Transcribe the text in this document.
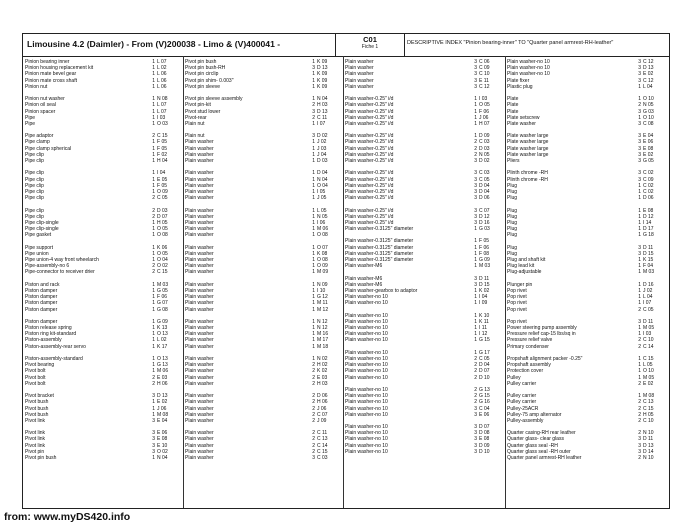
Limousine 4.2 (Daimler) - From (V)200038 - Limo & (V)400041 -	C01
Fiche 1
DESCRIPTIVE INDEX "Pinion bearing-inner" TO "Quarter panel armrest-RH-leather"
Pinion bearing inner	1 L 07
Pinion housing replacement kit	1 L 02
Pinion mate bevel gear	1 L 06
Pinion mate cross shaft	1 L 06
Pinion nut	1 L 06
Pinion nut washer	1 N 08
Pinion oil seal	1 L 07
Pinion spacer	1 L 07
Pipe	1 I 03
Pipe	1 O 03
Pipe adaptor	2 C 15
Pipe clamp	1 F 05
Pipe clamp spherical	1 F 05
Pipe clip	1 F 02
Pipe clip	1 H 04
Pipe clip	1 I 04
Pipe clip	1 E 05
Pipe clip	1 F 05
Pipe clip	1 O 09
Pipe clip	2 C 05
Pipe clip	2 D 03
Pipe clip	2 D 07
Pipe clip-single	1 H 05
Pipe clip-single	1 O 05
Pipe gasket	1 O 08
Pipe support	1 K 06
Pipe union	1 O 05
Pipe union-4 way front wheelarch	1 O 04
Pipe-assembly-no 6	2 O 02
Pipe-connector to receiver drier	2 C 15
Piston and rack	1 M 03
Piston damper	1 G 05
Piston damper	1 F 06
Piston damper	1 G 07
Piston damper	1 G 08
Piston damper	1 G 09
Piston release spring	1 K 13
Piston ring kit-standard	1 O 13
Piston-assembly	1 L 02
Piston-assembly-rear servo	1 K 17
Piston-assembly-standard	1 O 13
Pivot bearing	1 G 13
Pivot bolt	1 M 06
Pivot bolt	2 E 03
Pivot bolt	2 H 06
Pivot bracket	3 D 13
Pivot bush	1 E 02
Pivot bush	1 J 06
Pivot bush	1 M 08
Pivot link	3 E 04
Pivot link	3 E 06
Pivot link	3 E 08
Pivot link	3 E 10
Pivot pin	3 O 02
Pivot pin bush	1 N 04
Pivot pin bush	1 K 09
Pivot pin bush-RH	3 D 13
Pivot pin circlip	1 K 09
Pivot pin shim- 0.003"	1 K 09
Pivot pin sleeve	1 K 09
Pivot pin sleeve assembly	1 N 04
Pivot pin-kit	2 H 03
Pivot stud lower	3 D 13
Pivot-rear	2 C 11
Plain nut	1 I 07
Plain nut	3 D 02
Plain washer	1 J 02
Plain washer	1 J 03
Plain washer	1 J 04
Plain washer	1 D 03
Plain washer	1 D 04
Plain washer	1 N 04
Plain washer	1 O 04
Plain washer	1 I 05
Plain washer	1 J 05
Plain washer	1 L 05
Plain washer	1 N 05
Plain washer	1 I 06
Plain washer	1 M 06
Plain washer	1 O 08
Plain washer	1 O 07
Plain washer	1 K 08
Plain washer	1 O 08
Plain washer	1 O 09
Plain washer	1 M 09
Plain washer	1 N 09
Plain washer	1 I 10
Plain washer	1 G 12
Plain washer	1 M 11
Plain washer	1 M 12
Plain washer	1 N 12
Plain washer	1 N 12
Plain washer	1 M 16
Plain washer	1 M 17
Plain washer	1 M 18
Plain washer	1 N 02
Plain washer	2 H 02
Plain washer	2 K 02
Plain washer	2 E 03
Plain washer	2 H 03
Plain washer	2 D 06
Plain washer	2 H 06
Plain washer	2 J 06
Plain washer	2 C 07
Plain washer	2 J 09
Plain washer	2 C 11
Plain washer	2 C 13
Plain washer	2 C 14
Plain washer	2 C 15
Plain washer	3 C 03
Plain washer	3 C 06
Plain washer	3 C 09
Plain washer	3 C 10
Plain washer	3 E 11
Plain washer	3 C 12
Plain washer-0.25" i/d	1 I 03
Plain washer-0.25" i/d	1 O 05
Plain washer-0.25" i/d	1 F 06
Plain washer-0.25" i/d	1 J 06
Plain washer-0.25" i/d	1 H 07
Plain washer-0.25" i/d	1 D 09
Plain washer-0.25" i/d	2 C 03
Plain washer-0.25" i/d	2 D 03
Plain washer-0.25" i/d	2 N 05
Plain washer-0.25" i/d	3 D 02
Plain washer-0.25" i/d	3 C 03
Plain washer-0.25" i/d	3 C 05
Plain washer-0.25" i/d	3 D 04
Plain washer-0.25" i/d	3 D 04
Plain washer-0.25" i/d	3 D 06
Plain washer-0.25" i/d	3 C 07
Plain washer-0.25" i/d	3 D 12
Plain washer-0.25" i/d	3 D 16
Plain washer-0.3125" diameter	1 G 03
Plain washer-0.3125" diameter	1 F 05
Plain washer-0.3125" diameter	1 F 06
Plain washer-0.3125" diameter	1 F 08
Plain washer-0.3125" diameter	1 G 09
Plain washer-M6	1 M 03
Plain washer-M6	3 D 11
Plain washer-M6	3 D 15
Plain washer-gearbox to adaptor	1 K 02
Plain washer-no 10	1 I 04
Plain washer-no 10	1 I 09
Plain washer-no 10	1 K 10
Plain washer-no 10	1 K 11
Plain washer-no 10	1 I 11
Plain washer-no 10	1 I 12
Plain washer-no 10	1 G 15
Plain washer-no 10	1 G 17
Plain washer-no 10	2 C 05
Plain washer-no 10	2 D 04
Plain washer-no 10	2 D 07
Plain washer-no 10	2 D 10
Plain washer-no 10	2 G 13
Plain washer-no 10	2 G 15
Plain washer-no 10	2 G 16
Plain washer-no 10	3 C 04
Plain washer-no 10	3 E 06
Plain washer-no 10	3 D 07
Plain washer-no 10	3 D 08
Plain washer-no 10	3 E 08
Plain washer-no 10	3 D 09
Plain washer-no 10	3 D 10
Plain washer-no 10	3 C 12
Plain washer-no 10	3 D 13
Plain washer-no 10	3 E 02
Plate fixer	3 C 12
Plastic plug	1 L 04
Plate	1 O 10
Plate	2 N 05
Plate	3 G 03
Plate setscrew	1 O 10
Plate washer	3 C 08
Plate washer large	3 E 04
Plate washer large	3 E 06
Plate washer large	3 E 08
Plate washer large	3 E 02
Pliers	3 G 05
Plinth chrome -RH	3 C 02
Plinth chrome -RH	3 C 09
Plug	1 C 02
Plug	1 C 02
Plug	1 D 06
Plug	1 E 08
Plug	1 D 12
Plug	1 I 14
Plug	1 D 17
Plug	1 G 18
Plug	3 D 11
Plug	3 D 15
Plug and shaft kit	1 K 15
Plug lead kit	1 F 04
Plug-adjustable	1 M 03
Plunger pin	1 D 16
Pop rivet	1 J 02
Pop rivet	1 L 04
Pop rivet	1 I 07
Pop rivet	2 C 05
Pop rivet	3 D 11
Power steering pump assembly	1 M 05
Pressure relief cap-15 lbs/sq in	1 I 03
Pressure relief valve	2 C 10
Primary condenser	2 C 14
Propshaft alignment packer -0.25"	1 C 15
Propshaft assembly	1 L 05
Protection cover	1 O 10
Pulley	1 M 05
Pulley carrier	2 E 02
Pulley carrier	1 M 08
Pulley carrier	2 C 13
Pulley-25ACR	2 C 15
Pulley-75 amp alternator	2 H 05
Pulley-assembly	2 C 10
Quarter casing-RH rear leather	2 N 10
Quarter glass- clear glass	3 D 11
Quarter glass seal -RH	3 D 13
Quarter glass seal -RH outer	3 D 14
Quarter panel armrest-RH leather	2 N 10
from: www.myDS420.info
